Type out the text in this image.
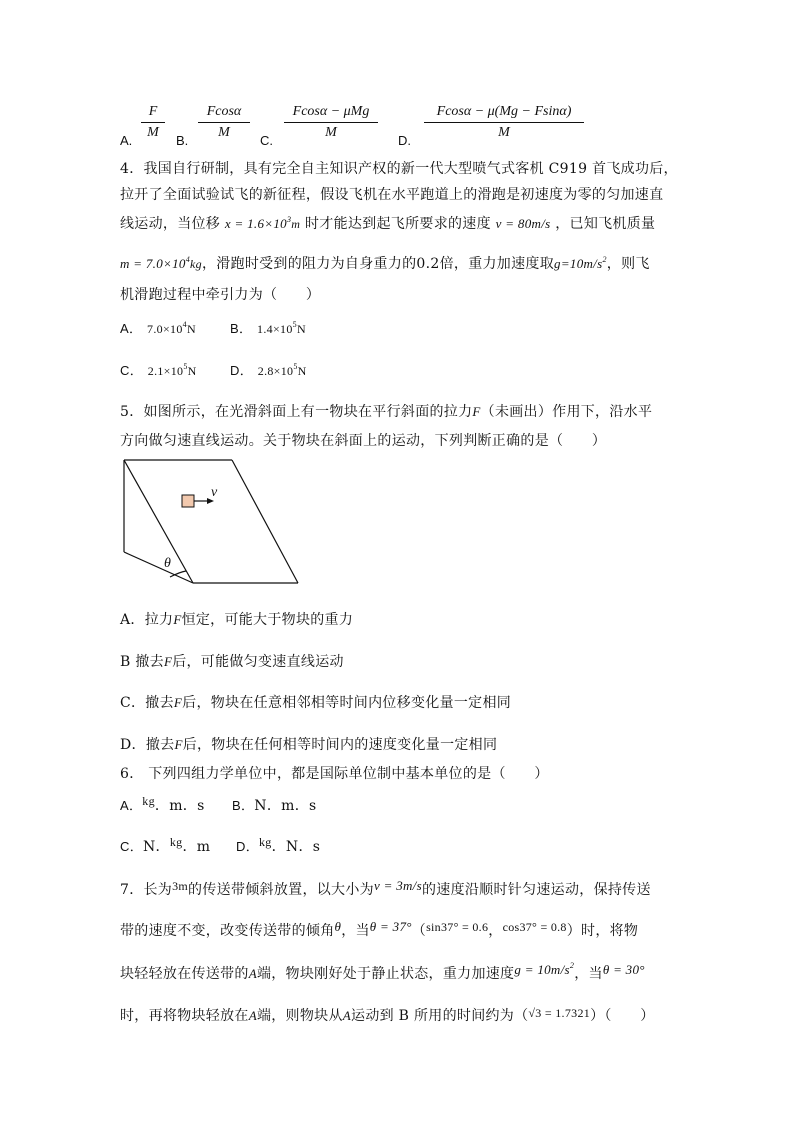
A. $\frac{F}{M} B$. $\frac{Fcos\alpha}{M} C$.
Fcosα − μMg
M
D. $\frac{Fcos\alpha - \mu(Mg - Fsin\alpha)}{M}$
4．我国自行研制，具有完全自主知识产权的新一代大型喷气式客机 C919 首飞成功后，
拉开了全面试验试飞的新征程，假设飞机在水平跑道上的滑跑是初速度为零的匀加速直
线运动，当位移 $x = 1.6\times 10^3m$ 时才能达到起飞所要求的速度 v = 80m/s ，已知飞机质量
$m = 7.0\times 10^4kg$，滑跑时受到的阻力为自身重力的0.2倍，重力加速度取$g=10m/s^2$，则飞
机滑跑过程中牵引力为（　　）
A． $7.0\times 10^4N$	B． $1.4\times 10^5N$
C． $2.1\times 10^5N$	D． $2.8\times 10^5N$
5．如图所示，在光滑斜面上有一物块在平行斜面的拉力F（未画出）作用下，沿水平
方向做匀速直线运动。关于物块在斜面上的运动，下列判断正确的是（　　）
v
θ
A．拉力F恒定，可能大于物块的重力
B 撤去F后，可能做匀变速直线运动
C．撤去F后，物块在任意相邻相等时间内位移变化量一定相同
D．撤去F后，物块在任何相等时间内的速度变化量一定相同
6． 下列四组力学单位中，都是国际单位制中基本单位的是（　　）
A．kg．m．s B．N．m．s
C．N．kg．m D．kg．N．s
7．长为3m的传送带倾斜放置，以大小为v = 3m/s的速度沿顺时针匀速运动，保持传送
带的速度不变，改变传送带的倾角θ，当θ = 37°（sin37° = 0.6，cos37° = 0.8）时，将物
块轻轻放在传送带的A端，物块刚好处于静止状态，重力加速度$g = 10m/s^2$，当θ = 30°
时，再将物块轻放在A端，则物块从A运动到 B 所用的时间约为（√3 = 1.7321）（　　）
